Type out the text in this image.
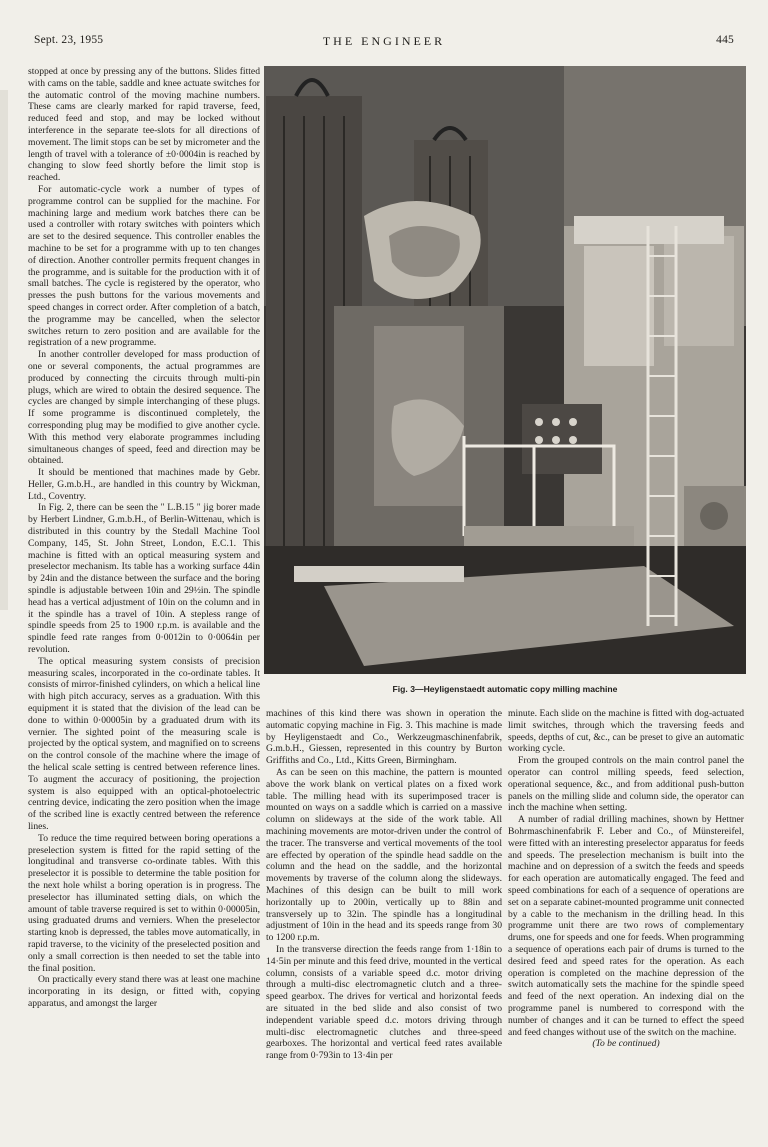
Sept. 23, 1955	THE ENGINEER	445

stopped at once by pressing any of the buttons. Slides fitted with cams on the table, saddle and knee actuate switches for the automatic control of the moving machine numbers. These cams are clearly marked for rapid traverse, feed, reduced feed and stop, and may be locked without interference in the separate tee-slots for all directions of movement. The limit stops can be set by micrometer and the length of travel with a tolerance of ±0·0004in is reached by changing to slow feed shortly before the limit stop is reached.

For automatic-cycle work a number of types of programme control can be supplied for the machine. For machining large and medium work batches there can be used a controller with rotary switches with pointers which are set to the desired sequence. This controller enables the machine to be set for a programme with up to ten changes of direction. Another controller permits frequent changes in the programme, and is suitable for the production with it of small batches. The cycle is registered by the operator, who presses the push buttons for the various movements and speed changes in correct order. After completion of a batch, the programme may be cancelled, when the selector switches return to zero position and are available for the registration of a new programme.

In another controller developed for mass production of one or several components, the actual programmes are produced by connecting the circuits through multi-pin plugs, which are wired to obtain the desired sequence. The cycles are changed by simple interchanging of these plugs. If some programme is discontinued completely, the corresponding plug may be modified to give another cycle. With this method very elaborate programmes including simultaneous changes of speed, feed and direction may be obtained.

It should be mentioned that machines made by Gebr. Heller, G.m.b.H., are handled in this country by Wickman, Ltd., Coventry.

In Fig. 2, there can be seen the " L.B.15 " jig borer made by Herbert Lindner, G.m.b.H., of Berlin-Wittenau, which is distributed in this country by the Stedall Machine Tool Company, 145, St. John Street, London, E.C.1. This machine is fitted with an optical measuring system and preselector mechanism. Its table has a working surface 44in by 24in and the distance between the surface and the boring spindle is adjustable between 10in and 29½in. The spindle head has a vertical adjustment of 10in on the column and in it the spindle has a travel of 10in. A stepless range of spindle speeds from 25 to 1900 r.p.m. is available and the spindle feed rate ranges from 0·0012in to 0·0064in per revolution.

The optical measuring system consists of precision measuring scales, incorporated in the co-ordinate tables. It consists of mirror-finished cylinders, on which a helical line with high pitch accuracy, serves as a graduation. With this equipment it is stated that the division of the lead can be done to within 0·00005in by a graduated drum with its vernier. The sighted point of the measuring scale is projected by the optical system, and magnified on to screens on the control console of the machine where the image of the helical scale setting is centred between reference lines. To augment the accuracy of positioning, the projection system is also equipped with an optical-photoelectric centring device, indicating the zero position when the image of the scribed line is exactly centred between the reference lines.

To reduce the time required between boring operations a preselection system is fitted for the rapid setting of the longitudinal and transverse co-ordinate tables. With this preselector it is possible to determine the table position for the next hole whilst a boring operation is in progress. The preselector has illuminated setting dials, on which the amount of table traverse required is set to within 0·00005in, using graduated drums and verniers. When the preselector starting knob is depressed, the tables move automatically, in rapid traverse, to the vicinity of the preselected position and only a small correction is then needed to set the table into the final position.

On practically every stand there was at least one machine incorporating in its design, or fitted with, copying apparatus, and amongst the larger

Fig. 3—Heyligenstaedt automatic copy milling machine

machines of this kind there was shown in operation the automatic copying machine in Fig. 3. This machine is made by Heyligenstaedt and Co., Werkzeugmaschinenfabrik, G.m.b.H., Giessen, represented in this country by Burton Griffiths and Co., Ltd., Kitts Green, Birmingham.

As can be seen on this machine, the pattern is mounted above the work blank on vertical plates on a fixed work table. The milling head with its superimposed tracer is mounted on ways on a saddle which is carried on a massive column on slideways at the side of the work table. All machining movements are motor-driven under the control of the tracer. The transverse and vertical movements of the tool are effected by operation of the spindle head saddle on the column and the head on the saddle, and the horizontal movements by traverse of the column along the slideways. Machines of this design can be built to mill work horizontally up to 200in, vertically up to 88in and transversely up to 32in. The spindle has a longitudinal adjustment of 10in in the head and its speeds range from 30 to 1200 r.p.m.

In the transverse direction the feeds range from 1·18in to 14·5in per minute and this feed drive, mounted in the vertical column, consists of a variable speed d.c. motor driving through a multi-disc electromagnetic clutch and a three-speed gearbox. The drives for vertical and horizontal feeds are situated in the bed slide and also consist of two independent variable speed d.c. motors driving through multi-disc electromagnetic clutches and three-speed gearboxes. The horizontal and vertical feed rates available range from 0·793in to 13·4in per

minute. Each slide on the machine is fitted with dog-actuated limit switches, through which the traversing feeds and speeds, depths of cut, &c., can be preset to give an automatic working cycle.

From the grouped controls on the main control panel the operator can control milling speeds, feed selection, operational sequence, &c., and from additional push-button panels on the milling slide and column side, the operator can inch the machine when setting.

A number of radial drilling machines, shown by Hettner Bohrmaschinenfabrik F. Leber and Co., of Münstereifel, were fitted with an interesting preselector apparatus for feeds and speeds. The preselection mechanism is built into the machine and on depression of a switch the feeds and speeds for each operation are automatically engaged. The feed and speed combinations for each of a sequence of operations are set on a separate cabinet-mounted programme unit connected by a cable to the mechanism in the drilling head. In this programme unit there are two rows of complementary drums, one for speeds and one for feeds. When programming a sequence of operations each pair of drums is turned to the desired feed and speed rates for the operation. As each operation is completed on the machine depression of the switch automatically sets the machine for the spindle speed and feed of the next operation. An indexing dial on the programme panel is numbered to correspond with the number of changes and it can be turned to effect the speed and feed changes without use of the switch on the machine.

(To be continued)
